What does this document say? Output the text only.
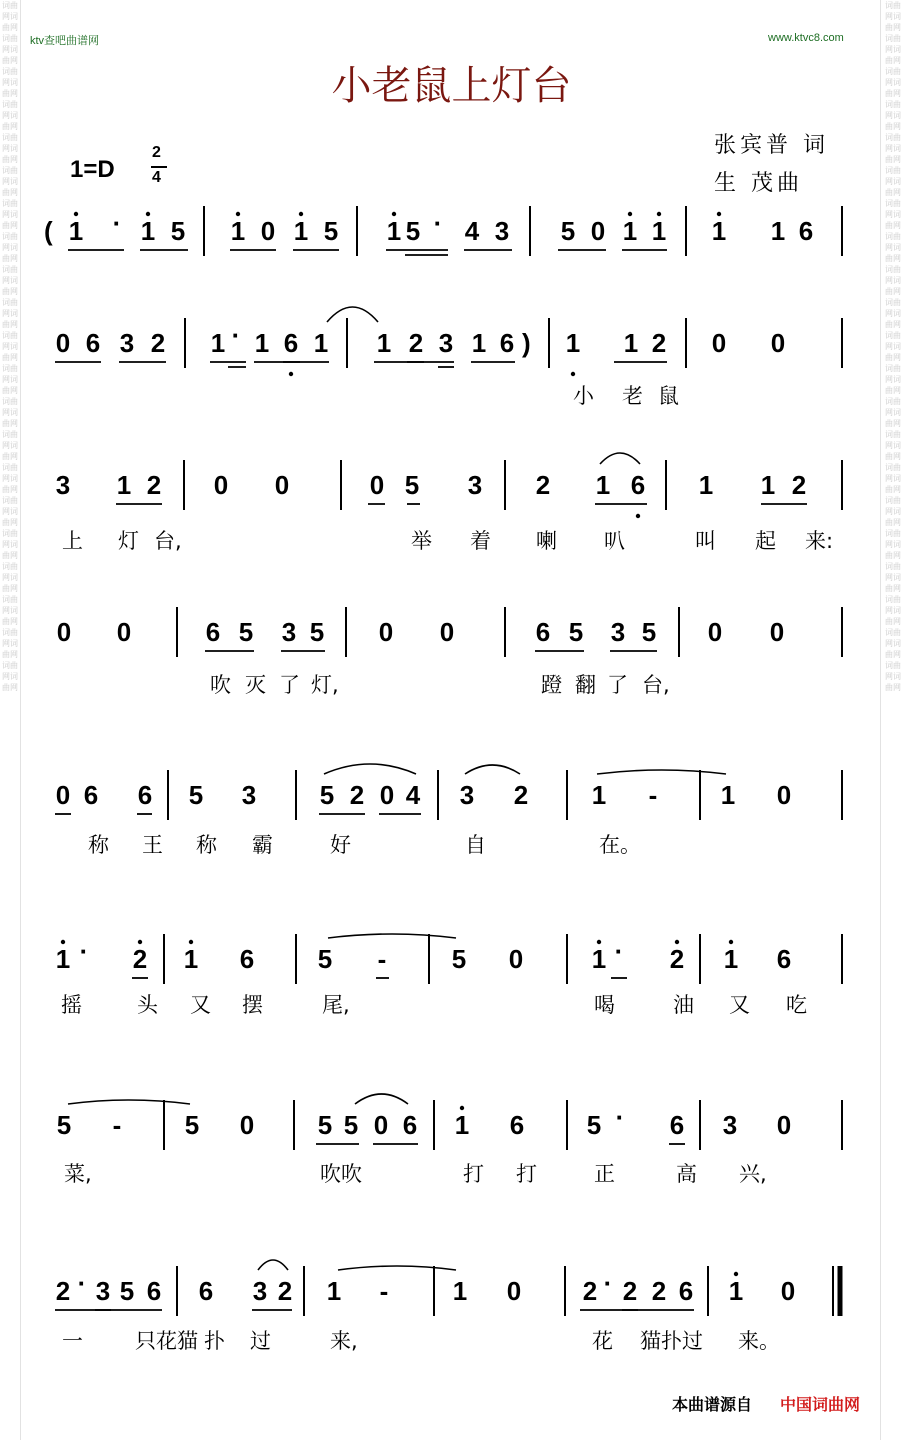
词曲网词曲网词曲网词曲网词曲网词曲网词曲网词曲网词曲网词曲网词曲网词曲网词曲网词曲网词曲网词曲网词曲网词曲网词曲网词曲网词曲网词曲网词曲网词曲网词曲网词曲网词曲网词曲网词曲网词曲网词曲网词曲网词曲网词曲网词曲网词曲网词曲网词曲网词曲网词曲网词曲网词曲网
词曲网词曲网词曲网词曲网词曲网词曲网词曲网词曲网词曲网词曲网词曲网词曲网词曲网词曲网词曲网词曲网词曲网词曲网词曲网词曲网词曲网词曲网词曲网词曲网词曲网词曲网词曲网词曲网词曲网词曲网词曲网词曲网词曲网词曲网词曲网词曲网词曲网词曲网词曲网词曲网词曲网词曲网
ktv查吧曲谱网	www.ktvc8.com
小老鼠上灯台
张宾普 词
生 茂曲
1=D
2
4
1 · 1 5 1 0 1 5 1 5 · 4 3 5 0 1 1 1 1 6
0 6 3 2 1 · 1 6 1 1 2 3 1 6 1 1 2 0 0
小 老 鼠
3 1 2 0 0	0 5 3 2 1 6 1 1 2
上 灯 台,	举 着 喇 叭	叫 起 来:
0 0	6 5 3 5 0 0	6 5 3 5 0 0
吹 灭 了 灯,	蹬 翻 了 台,
0 6 6 5 3 5 2 0 4 3 2 1 - 1 0
称 王 称 霸	好	自	在。
1 · 2 1 6 5 -	5 0	1 · 2 1 6
摇	头 又 摆	尾,	喝	油 又 吃
5 - 5 0 5 5 0 6 1 6 5 · 6 3 0
菜,	吹吹	打 打	正	高 兴,
2 · 3 5 6 6 3 2 1 - 1 0 2 · 2 2 6 1 0
一 只花猫 扑 过	来,	花 猫扑过 来。
(
)
本曲谱源自 中国词曲网
